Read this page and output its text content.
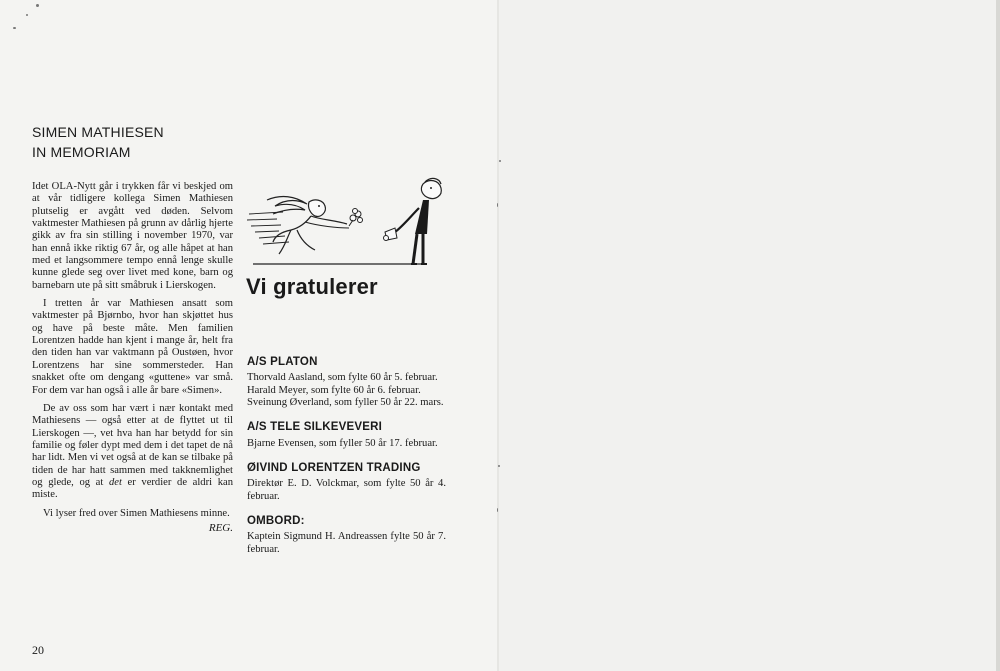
SIMEN MATHIESEN
IN MEMORIAM

Idet OLA-Nytt går i trykken får vi beskjed om at vår tidligere kollega Simen Mathiesen plutselig er avgått ved døden. Selvom vaktmester Mathiesen på grunn av dårlig hjerte gikk av fra sin stilling i november 1970, var han ennå ikke riktig 67 år, og alle håpet at han med et langsommere tempo ennå lenge skulle kunne glede seg over livet med kone, barn og barnebarn ute på sitt småbruk i Lierskogen.

I tretten år var Mathiesen ansatt som vaktmester på Bjørnbo, hvor han skjøttet hus og have på beste måte. Men familien Lorentzen hadde han kjent i mange år, helt fra den tiden han var vaktmann på Oustøen, hvor Lorentzens har sine sommersteder. Han snakket ofte om dengang «guttene» var små. For dem var han også i alle år bare «Simen».

De av oss som har vært i nær kontakt med Mathiesens — også etter at de flyttet ut til Lierskogen —, vet hva han har betydd for sin familie og føler dypt med dem i det tapet de nå har lidt. Men vi vet også at de kan se tilbake på tiden de har hatt sammen med takknemlighet og glede, og at det er verdier de aldri kan miste.

Vi lyser fred over Simen Mathiesens minne.

REG.
20
Vi gratulerer
A/S PLATON
Thorvald Aasland, som fylte 60 år 5. februar.
Harald Meyer, som fylte 60 år 6. februar.
Sveinung Øverland, som fyller 50 år 22. mars.
A/S TELE SILKEVEVERI
Bjarne Evensen, som fyller 50 år 17. februar.
ØIVIND LORENTZEN TRADING
Direktør E. D. Volckmar, som fylte 50 år 4. februar.
OMBORD:
Kaptein Sigmund H. Andreassen fylte 50 år 7. februar.
